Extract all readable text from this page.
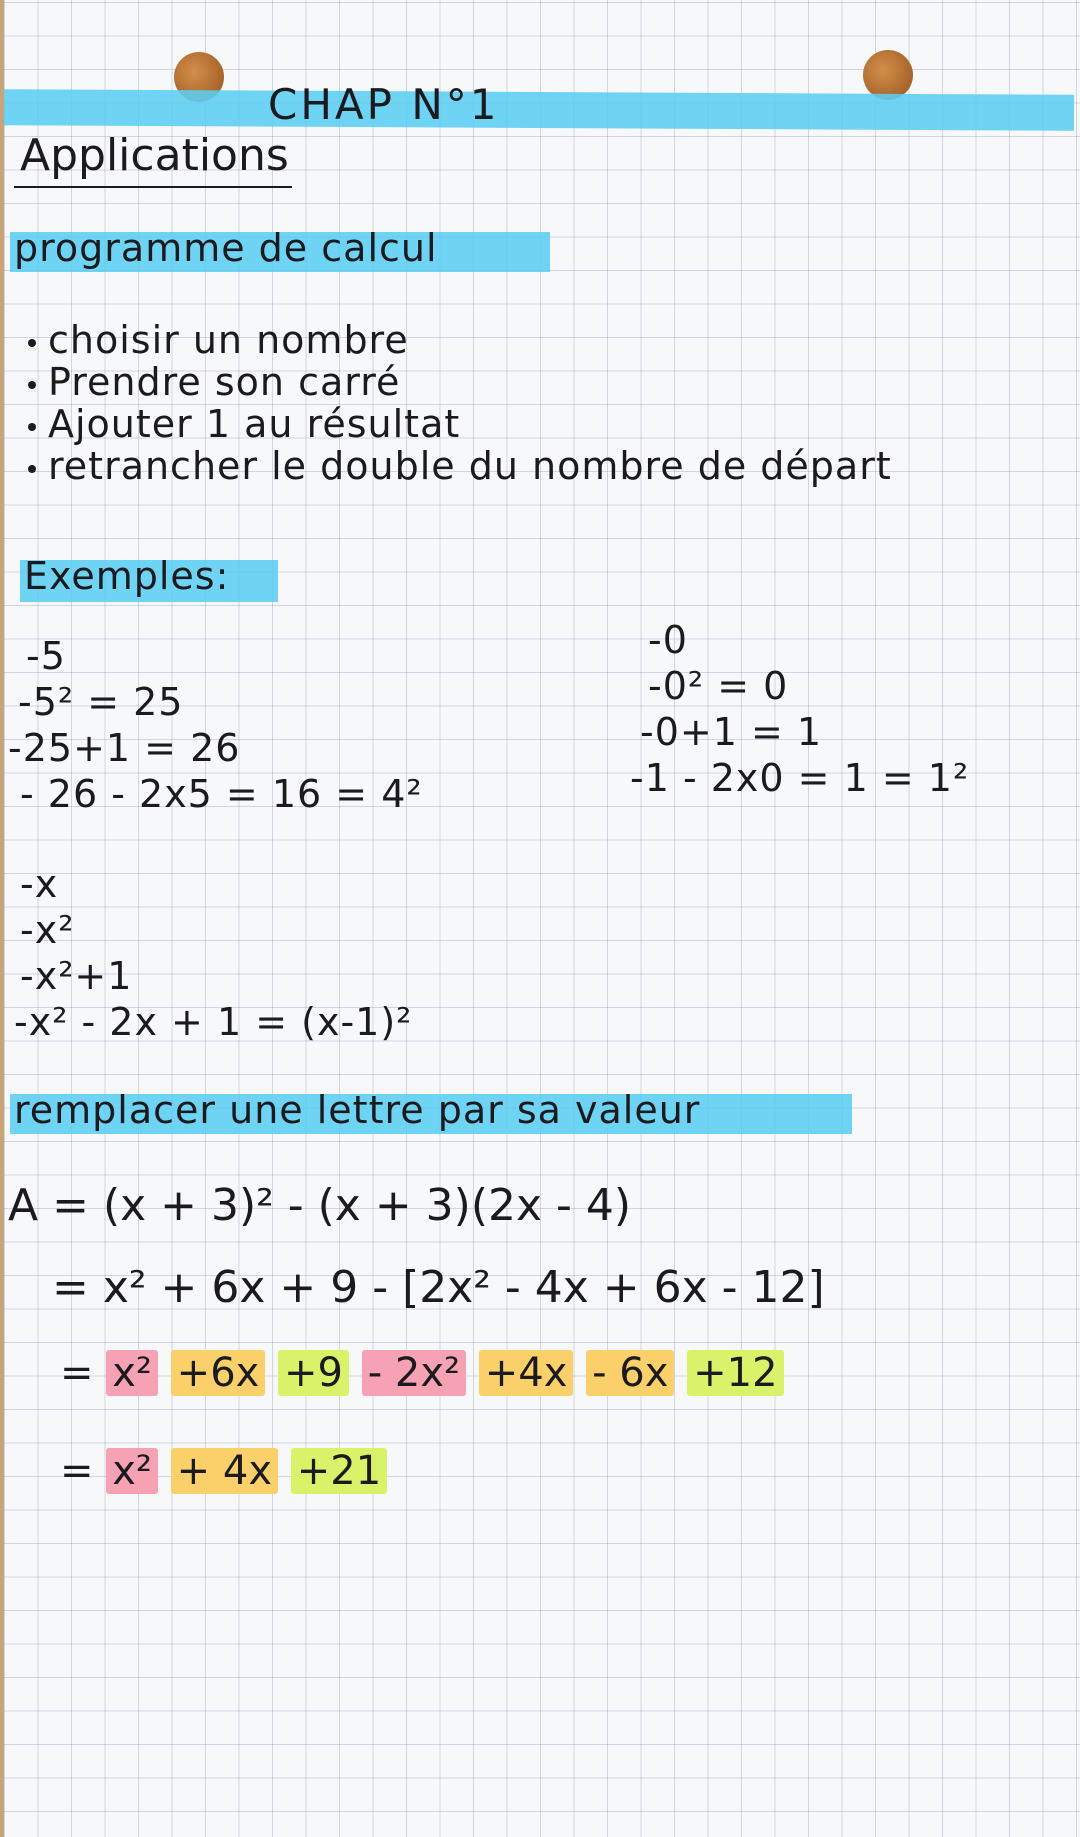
CHAP N°1
Applications
programme de calcul
choisir un nombre
Prendre son carré
Ajouter 1 au résultat
retrancher le double du nombre de départ
Exemples:
-5
-5² = 25
-25+1 = 26
- 26 - 2x5 = 16 = 4²
-0
-0² = 0
-0+1 = 1
-1 - 2x0 = 1 = 1²
-x
-x²
-x²+1
-x² - 2x + 1 = (x-1)²
remplacer une lettre par sa valeur
A = (x + 3)² - (x + 3)(2x - 4)
= x² + 6x + 9 - [2x² - 4x + 6x - 12]
= x² +6x +9 - 2x² +4x - 6x +12
= x² + 4x +21
